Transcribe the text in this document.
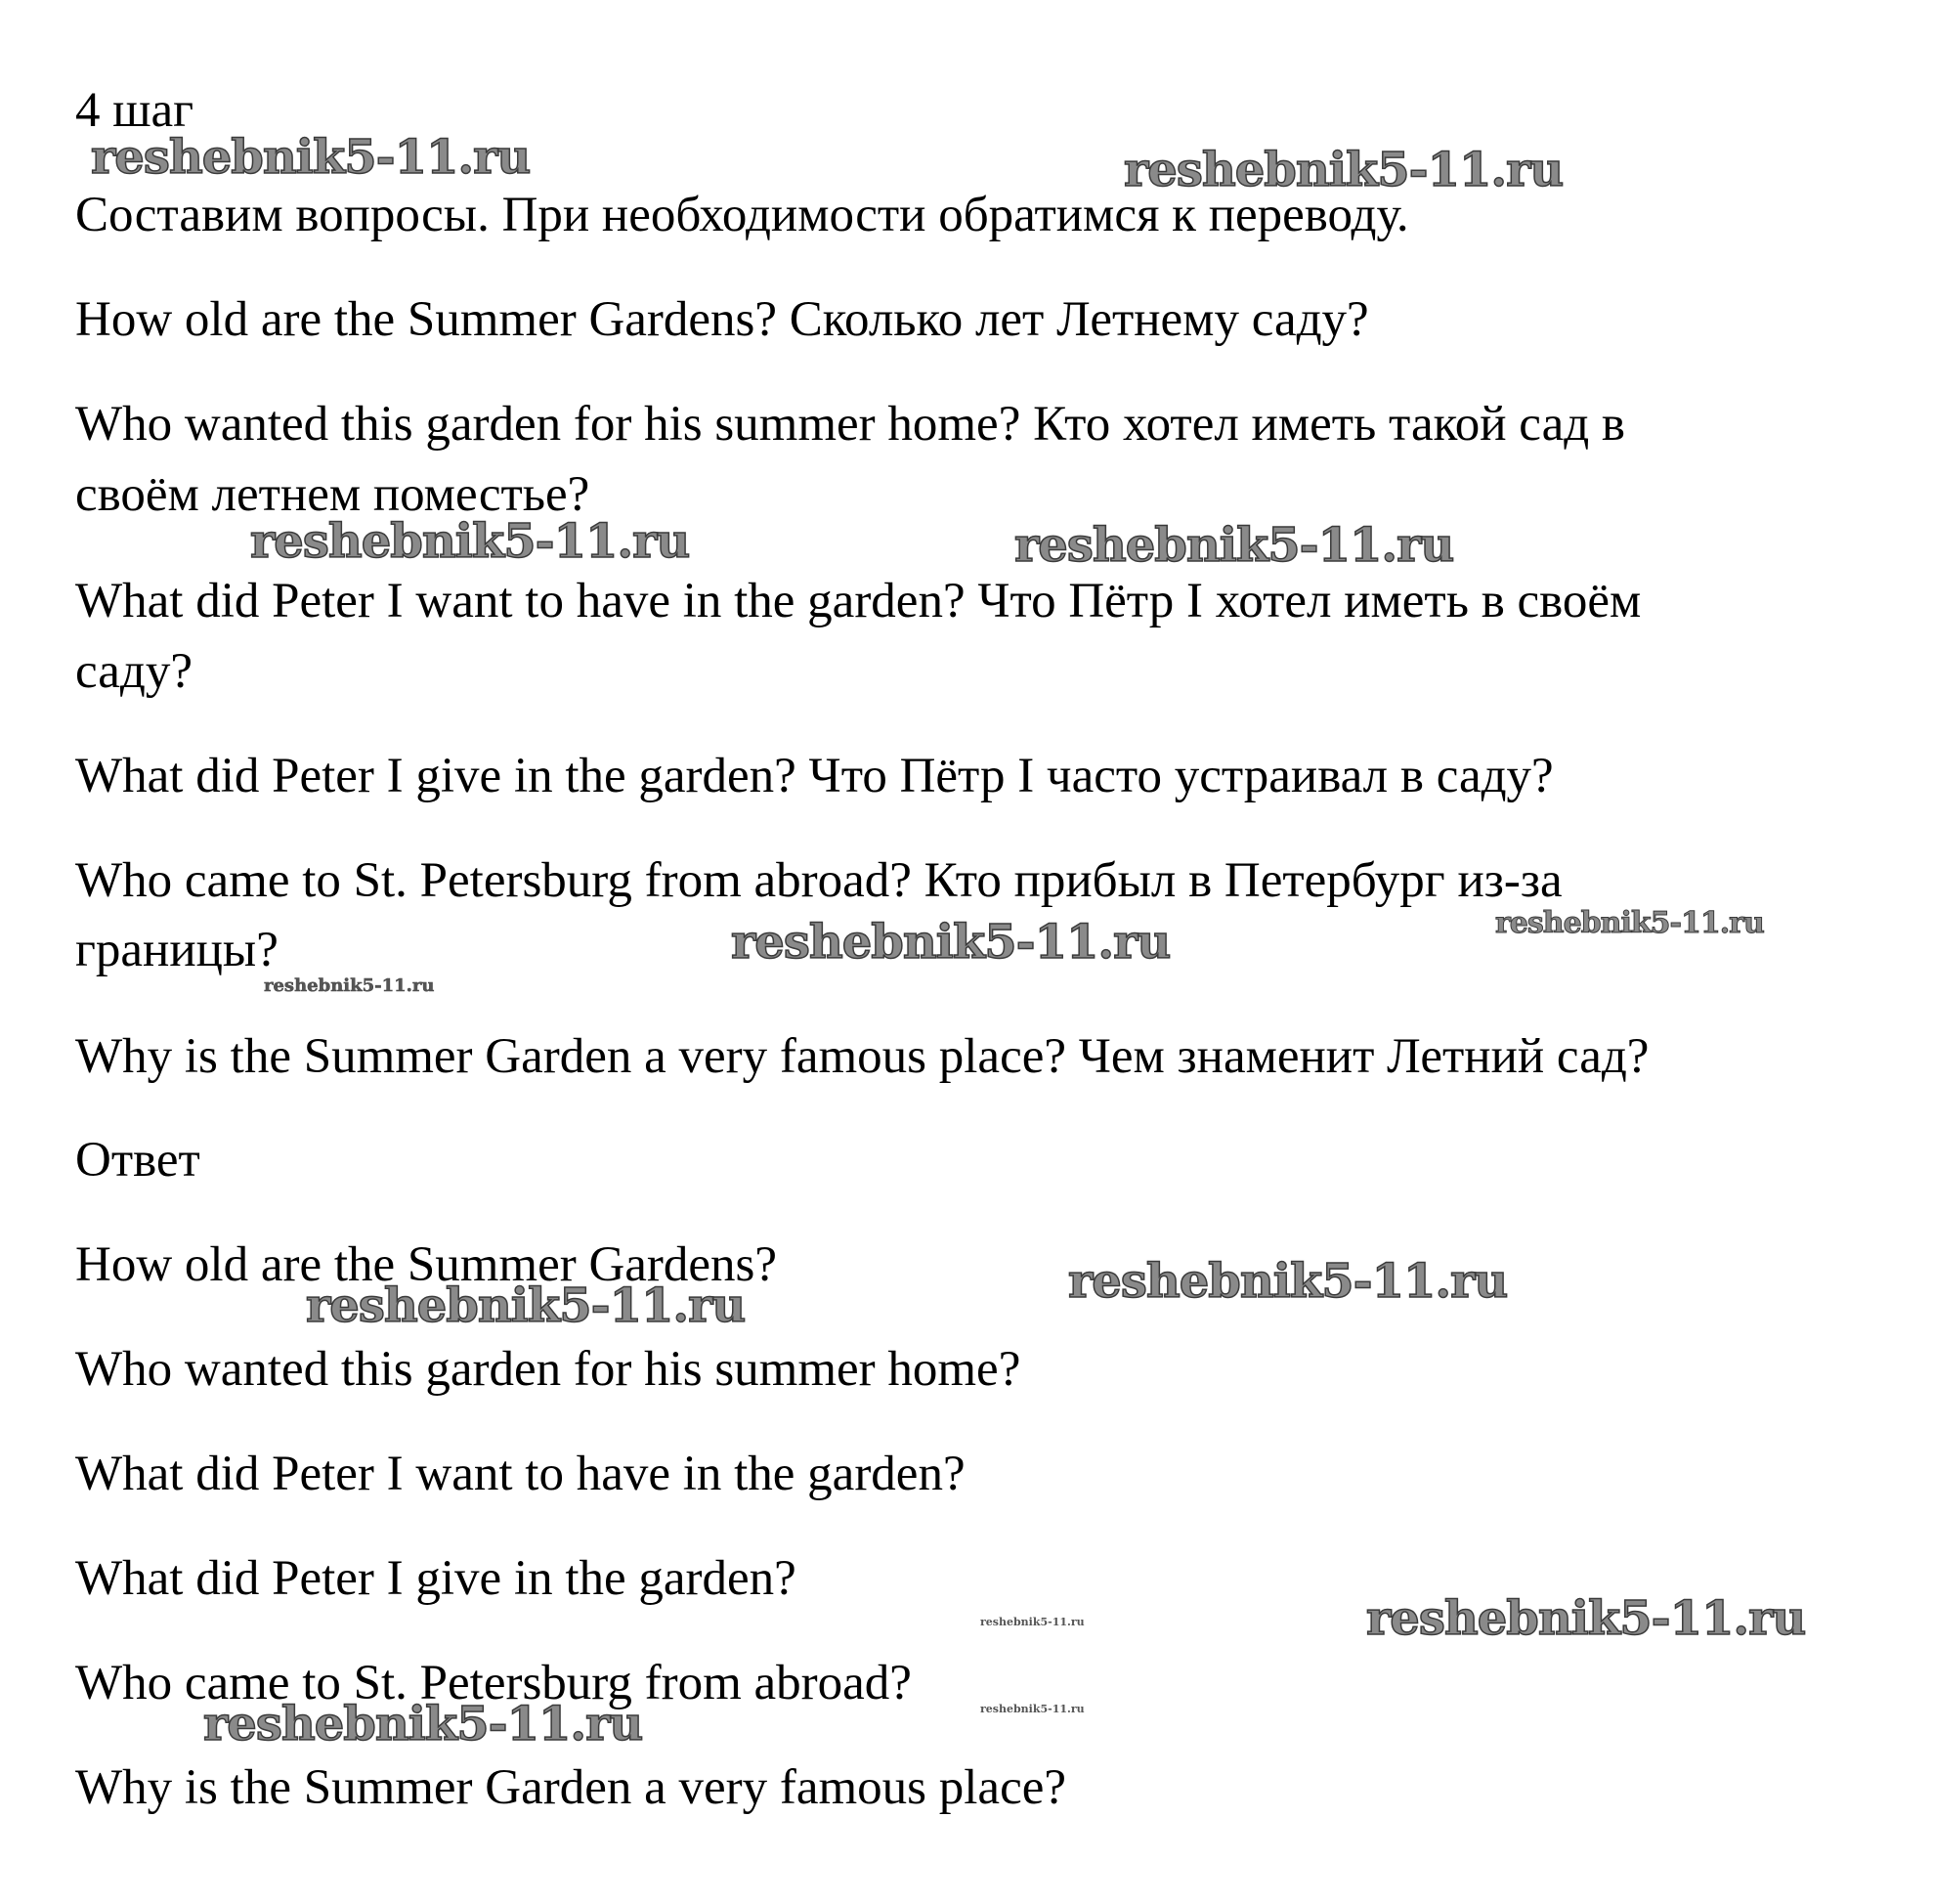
4 шаг
Составим вопросы. При необходимости обратимся к переводу.
How old are the Summer Gardens? Сколько лет Летнему саду?
Who wanted this garden for his summer home? Кто хотел иметь такой сад в
своём летнем поместье?
What did Peter I want to have in the garden? Что Пётр I хотел иметь в своём
саду?
What did Peter I give in the garden? Что Пётр I часто устраивал в саду?
Who came to St. Petersburg from abroad? Кто прибыл в Петербург из-за
границы?
Why is the Summer Garden a very famous place? Чем знаменит Летний сад?
Ответ
How old are the Summer Gardens?
Who wanted this garden for his summer home?
What did Peter I want to have in the garden?
What did Peter I give in the garden?
Who came to St. Petersburg from abroad?
Why is the Summer Garden a very famous place?
reshebnik5-11.ru	reshebnik5-11.ru
reshebnik5-11.ru	reshebnik5-11.ru
reshebnik5-11.ru	reshebnik5-11.ru
reshebnik5-11.ru
reshebnik5-11.ru
reshebnik5-11.ru
reshebnik5-11.ru	reshebnik5-11.ru
reshebnik5-11.ru
reshebnik5-11.ru
